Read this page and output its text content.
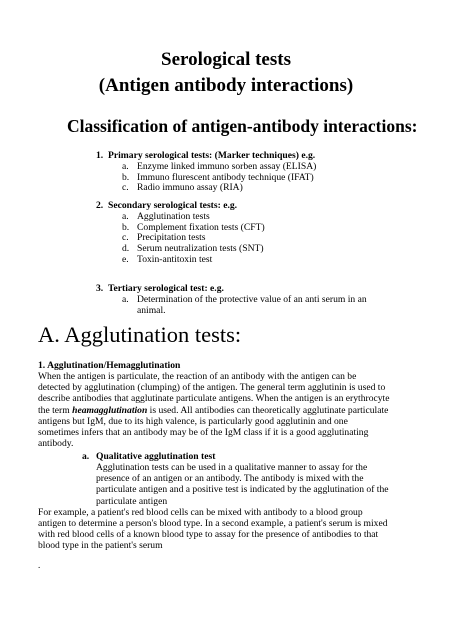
Serological tests
(Antigen antibody interactions)
Classification of antigen-antibody interactions:
1. Primary serological tests: (Marker techniques) e.g.
a. Enzyme linked immuno sorben assay (ELISA)
b. Immuno flurescent antibody technique (IFAT)
c. Radio immuno assay (RIA)
2. Secondary serological tests: e.g.
a. Agglutination tests
b. Complement fixation tests (CFT)
c. Precipitation tests
d. Serum neutralization tests (SNT)
e. Toxin-antitoxin test
3. Tertiary serological test: e.g.
a. Determination of the protective value of an anti serum in an animal.
A. Agglutination tests:
1. Agglutination/Hemagglutination

When the antigen is particulate, the reaction of an antibody with the antigen can be detected by agglutination (clumping) of the antigen. The general term agglutinin is used to describe antibodies that agglutinate particulate antigens. When the antigen is an erythrocyte the term heamagglutination is used. All antibodies can theoretically agglutinate particulate antigens but IgM, due to its high valence, is particularly good agglutinin and one sometimes infers that an antibody may be of the IgM class if it is a good agglutinating antibody.

a. Qualitative agglutination test
Agglutination tests can be used in a qualitative manner to assay for the presence of an antigen or an antibody. The antibody is mixed with the particulate antigen and a positive test is indicated by the agglutination of the particulate antigen

For example, a patient's red blood cells can be mixed with antibody to a blood group antigen to determine a person's blood type. In a second example, a patient's serum is mixed with red blood cells of a known blood type to assay for the presence of antibodies to that blood type in the patient's serum

.
